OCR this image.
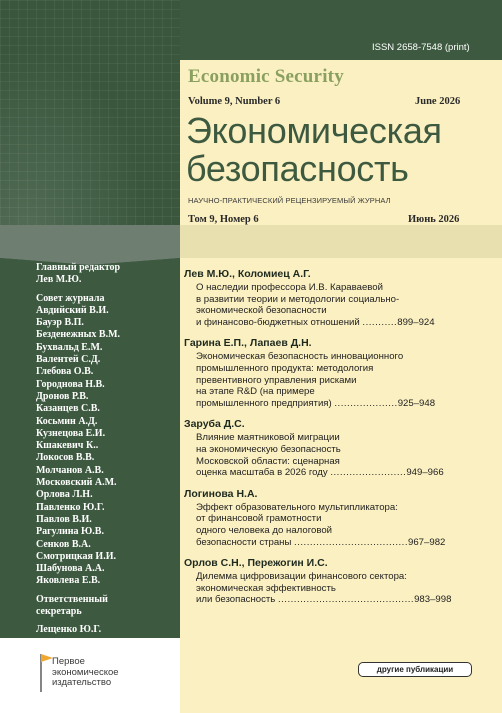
ISSN 2658-7548 (print)
Economic Security
Volume 9, Number 6	June 2026
Экономическая
безопасность
НАУЧНО-ПРАКТИЧЕСКИЙ РЕЦЕНЗИРУЕМЫЙ ЖУРНАЛ
Том 9, Номер 6	Июнь 2026
Главный редактор
Лев М.Ю.
Совет журнала
Авдийский В.И.
Бауэр В.П.
Безденежных В.М.
Бухвальд Е.М.
Валентей С.Д.
Глебова О.В.
Городнова Н.В.
Дронов Р.В.
Казанцев С.В.
Косьмин А.Д.
Кузнецова Е.И.
Кшакевич К..
Локосов В.В.
Молчанов А.В.
Московский А.М.
Орлова Л.Н.
Павленко Ю.Г.
Павлов В.И.
Рагулина Ю.В.
Сенков В.А.
Смотрицкая И.И.
Шабунова А.А.
Яковлева Е.В.
Ответственный
секретарь
Лещенко Ю.Г.
Лев М.Ю., Коломиец А.Г.
О наследии профессора И.В. Караваевой
в развитии теории и методологии социально-
экономической безопасности
и финансово-бюджетных отношений ...........899–924
Гарина Е.П., Лапаев Д.Н.
Экономическая безопасность инновационного
промышленного продукта: методология
превентивного управления рисками
на этапе R&D (на примере
промышленного предприятия) ....................925–948
Заруба Д.С.
Влияние маятниковой миграции
на экономическую безопасность
Московской области: сценарная
оценка масштаба в 2026 году ........................949–966
Логинова Н.А.
Эффект образовательного мультипликатора:
от финансовой грамотности
одного человека до налоговой
безопасности страны ....................................967–982
Орлов С.Н., Пережогин И.С.
Дилемма цифровизации финансового сектора:
экономическая эффективность
или безопасность ...........................................983–998
другие публикации
Первое
экономическое
издательство
